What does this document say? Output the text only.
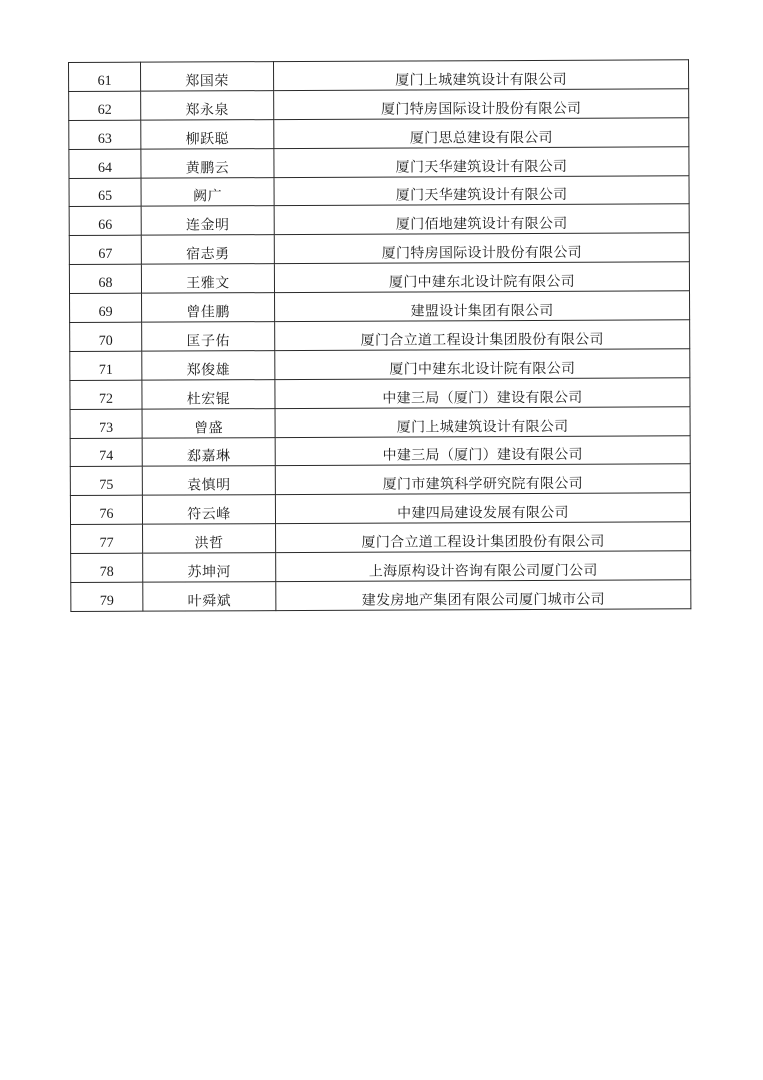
61	郑国荣	厦门上城建筑设计有限公司
62	郑永泉	厦门特房国际设计股份有限公司
63	柳跃聪	厦门思总建设有限公司
64	黄鹏云	厦门天华建筑设计有限公司
65	阙广	厦门天华建筑设计有限公司
66	连金明	厦门佰地建筑设计有限公司
67	宿志勇	厦门特房国际设计股份有限公司
68	王雅文	厦门中建东北设计院有限公司
69	曾佳鹏	建盟设计集团有限公司
70	匡子佑	厦门合立道工程设计集团股份有限公司
71	郑俊雄	厦门中建东北设计院有限公司
72	杜宏锟	中建三局（厦门）建设有限公司
73	曾盛	厦门上城建筑设计有限公司
74	郄嘉琳	中建三局（厦门）建设有限公司
75	袁慎明	厦门市建筑科学研究院有限公司
76	符云峰	中建四局建设发展有限公司
77	洪哲	厦门合立道工程设计集团股份有限公司
78	苏坤河	上海原构设计咨询有限公司厦门公司
79	叶舜斌	建发房地产集团有限公司厦门城市公司
